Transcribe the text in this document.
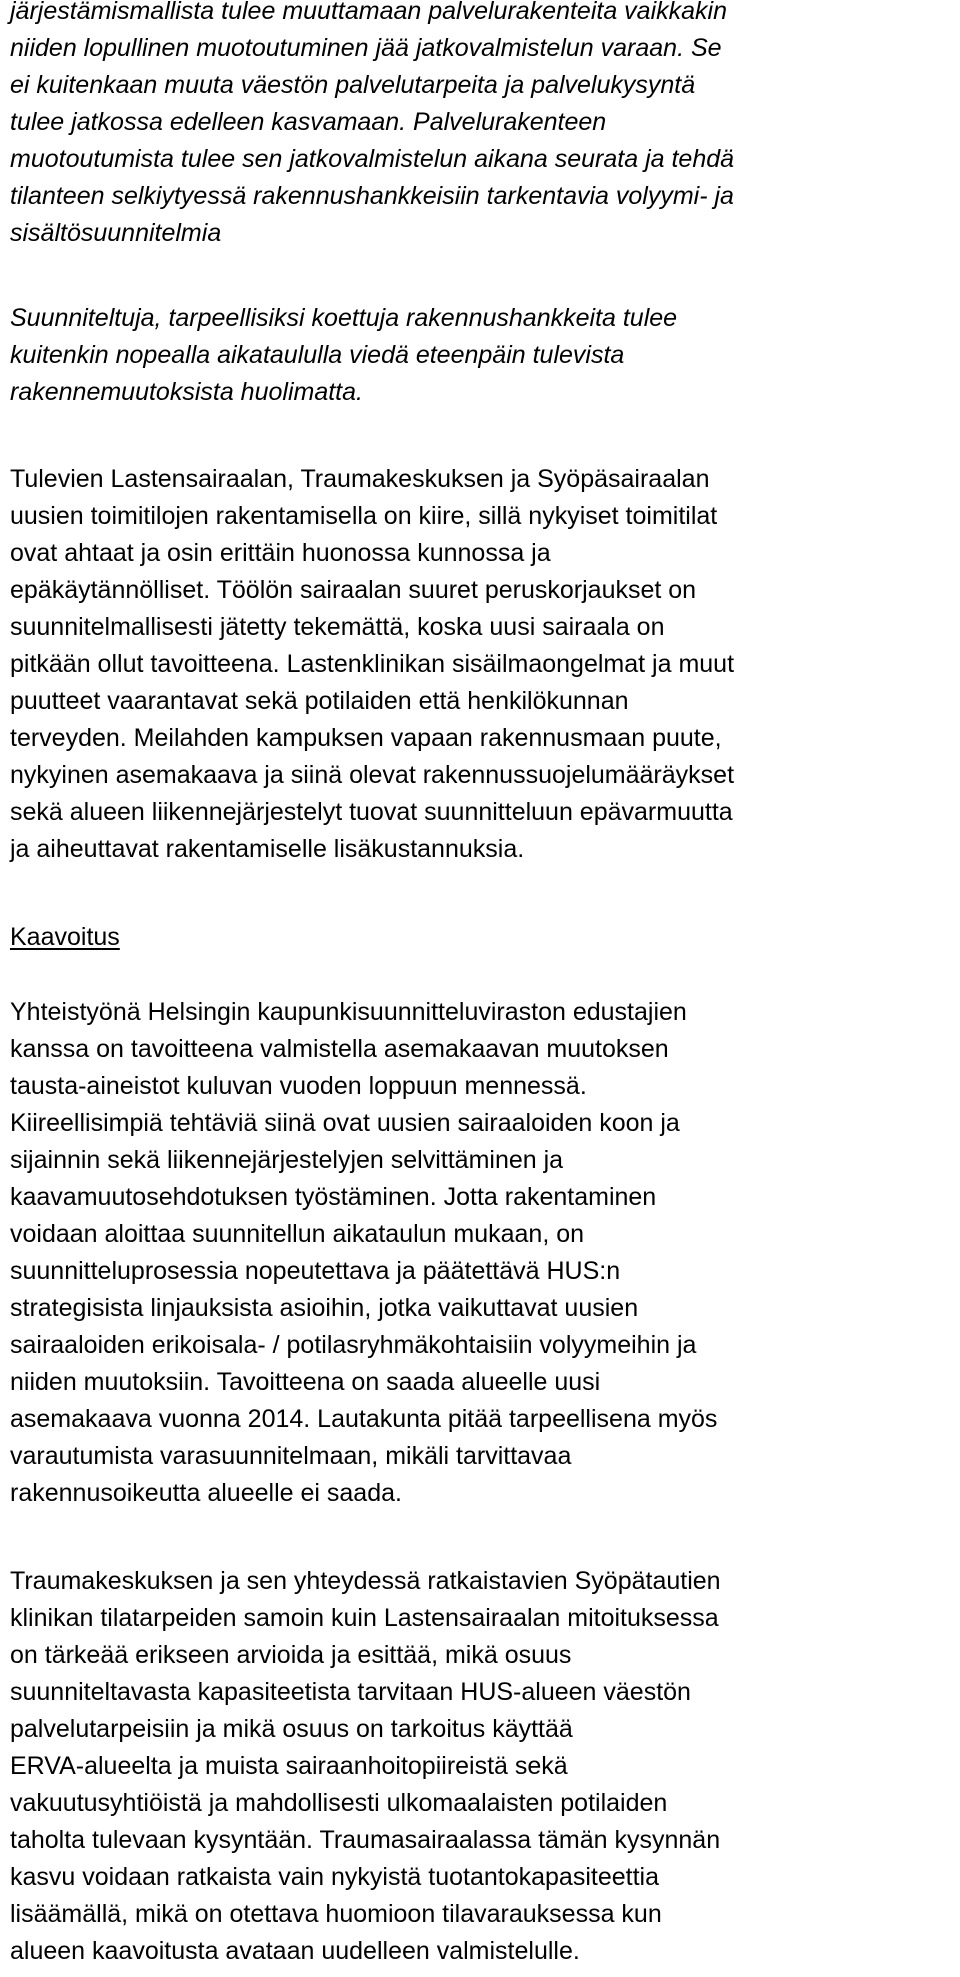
järjestämismallista tulee muuttamaan palvelurakenteita vaikkakin
niiden lopullinen muotoutuminen jää jatkovalmistelun varaan. Se
ei kuitenkaan muuta väestön palvelutarpeita ja palvelukysyntä
tulee jatkossa edelleen kasvamaan. Palvelurakenteen
muotoutumista tulee sen jatkovalmistelun aikana seurata ja tehdä
tilanteen selkiytyessä rakennushankkeisiin tarkentavia volyymi- ja
sisältösuunnitelmia
Suunniteltuja, tarpeellisiksi koettuja rakennushankkeita tulee
kuitenkin nopealla aikataululla viedä eteenpäin tulevista
rakennemuutoksista huolimatta.
Tulevien Lastensairaalan, Traumakeskuksen ja Syöpäsairaalan
uusien toimitilojen rakentamisella on kiire, sillä nykyiset toimitilat
ovat ahtaat ja osin erittäin huonossa kunnossa ja
epäkäytännölliset. Töölön sairaalan suuret peruskorjaukset on
suunnitelmallisesti jätetty tekemättä, koska uusi sairaala on
pitkään ollut tavoitteena. Lastenklinikan sisäilmaongelmat ja muut
puutteet vaarantavat sekä potilaiden että henkilökunnan
terveyden. Meilahden kampuksen vapaan rakennusmaan puute,
nykyinen asemakaava ja siinä olevat rakennussuojelumääräykset
sekä alueen liikennejärjestelyt tuovat suunnitteluun epävarmuutta
ja aiheuttavat rakentamiselle lisäkustannuksia.
Kaavoitus
Yhteistyönä Helsingin kaupunkisuunnitteluviraston edustajien
kanssa on tavoitteena valmistella asemakaavan muutoksen
tausta-aineistot kuluvan vuoden loppuun mennessä.
Kiireellisimpiä tehtäviä siinä ovat uusien sairaaloiden koon ja
sijainnin sekä liikennejärjestelyjen selvittäminen ja
kaavamuutosehdotuksen työstäminen. Jotta rakentaminen
voidaan aloittaa suunnitellun aikataulun mukaan, on
suunnitteluprosessia nopeutettava ja päätettävä HUS:n
strategisista linjauksista asioihin, jotka vaikuttavat uusien
sairaaloiden erikoisala- / potilasryhmäkohtaisiin volyymeihin ja
niiden muutoksiin. Tavoitteena on saada alueelle uusi
asemakaava vuonna 2014. Lautakunta pitää tarpeellisena myös
varautumista varasuunnitelmaan, mikäli tarvittavaa
rakennusoikeutta alueelle ei saada.
Traumakeskuksen ja sen yhteydessä ratkaistavien Syöpätautien
klinikan tilatarpeiden samoin kuin Lastensairaalan mitoituksessa
on tärkeää erikseen arvioida ja esittää, mikä osuus
suunniteltavasta kapasiteetista tarvitaan HUS-alueen väestön
palvelutarpeisiin ja mikä osuus on tarkoitus käyttää
ERVA-alueelta ja muista sairaanhoitopiireistä sekä
vakuutusyhtiöistä ja mahdollisesti ulkomaalaisten potilaiden
taholta tulevaan kysyntään. Traumasairaalassa tämän kysynnän
kasvu voidaan ratkaista vain nykyistä tuotantokapasiteettia
lisäämällä, mikä on otettava huomioon tilavarauksessa kun
alueen kaavoitusta avataan uudelleen valmistelulle.
